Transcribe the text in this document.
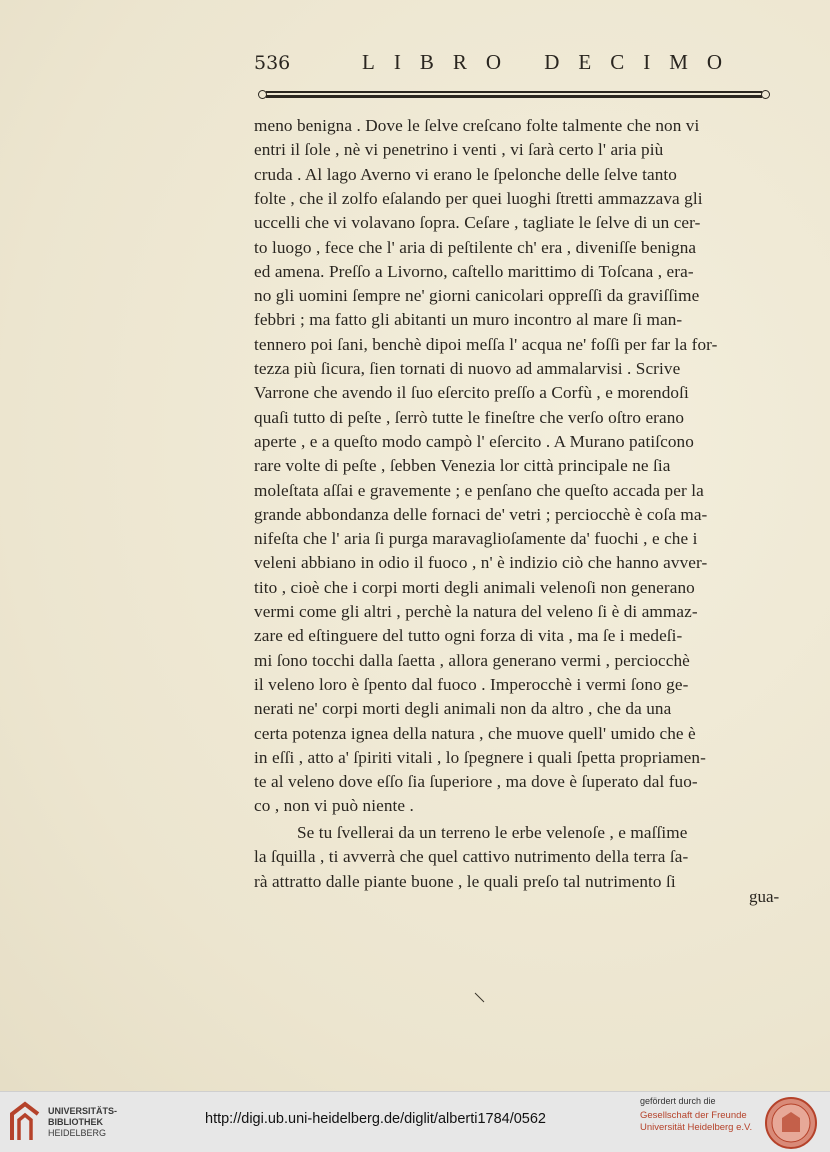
536	LIBRO DECIMO
meno benigna . Dove le ſelve creſcano folte talmente che non vi
entri il ſole , nè vi penetrino i venti , vi ſarà certo l' aria più
cruda . Al lago Averno vi erano le ſpelonche delle ſelve tanto
folte , che il zolfo eſalando per quei luoghi ſtretti ammazzava gli
uccelli che vi volavano ſopra. Ceſare , tagliate le ſelve di un cer-
to luogo , fece che l' aria di peſtilente ch' era , diveniſſe benigna
ed amena. Preſſo a Livorno, caſtello marittimo di Toſcana , era-
no gli uomini ſempre ne' giorni canicolari oppreſſi da graviſſime
febbri ; ma fatto gli abitanti un muro incontro al mare ſi man-
tennero poi ſani, benchè dipoi meſſa l' acqua ne' foſſi per far la for-
tezza più ſicura, ſien tornati di nuovo ad ammalarvisi . Scrive
Varrone che avendo il ſuo eſercito preſſo a Corfù , e morendoſi
quaſi tutto di peſte , ſerrò tutte le fineſtre che verſo oſtro erano
aperte , e a queſto modo campò l' eſercito . A Murano patiſcono
rare volte di peſte , ſebben Venezia lor città principale ne ſia
moleſtata aſſai e gravemente ; e penſano che queſto accada per la
grande abbondanza delle fornaci de' vetri ; perciocchè è coſa ma-
nifeſta che l' aria ſi purga maravaglioſamente da' fuochi , e che i
veleni abbiano in odio il fuoco , n' è indizio ciò che hanno avver-
tito , cioè che i corpi morti degli animali velenoſi non generano
vermi come gli altri , perchè la natura del veleno ſi è di ammaz-
zare ed eſtinguere del tutto ogni forza di vita , ma ſe i medeſi-
mi ſono tocchi dalla ſaetta , allora generano vermi , perciocchè
il veleno loro è ſpento dal fuoco . Imperocchè i vermi ſono ge-
nerati ne' corpi morti degli animali non da altro , che da una
certa potenza ignea della natura , che muove quell' umido che è
in eſſi , atto a' ſpiriti vitali , lo ſpegnere i quali ſpetta propriamen-
te al veleno dove eſſo ſia ſuperiore , ma dove è ſuperato dal fuo-
co , non vi può niente .
Se tu ſvellerai da un terreno le erbe velenoſe , e maſſime
la ſquilla , ti avverrà che quel cattivo nutrimento della terra ſa-
rà attratto dalle piante buone , le quali preſo tal nutrimento ſi
gua-
UNIVERSITÄTS-
BIBLIOTHEK
HEIDELBERG
http://digi.ub.uni-heidelberg.de/diglit/alberti1784/0562
gefördert durch die
Gesellschaft der Freunde
Universität Heidelberg e.V.
